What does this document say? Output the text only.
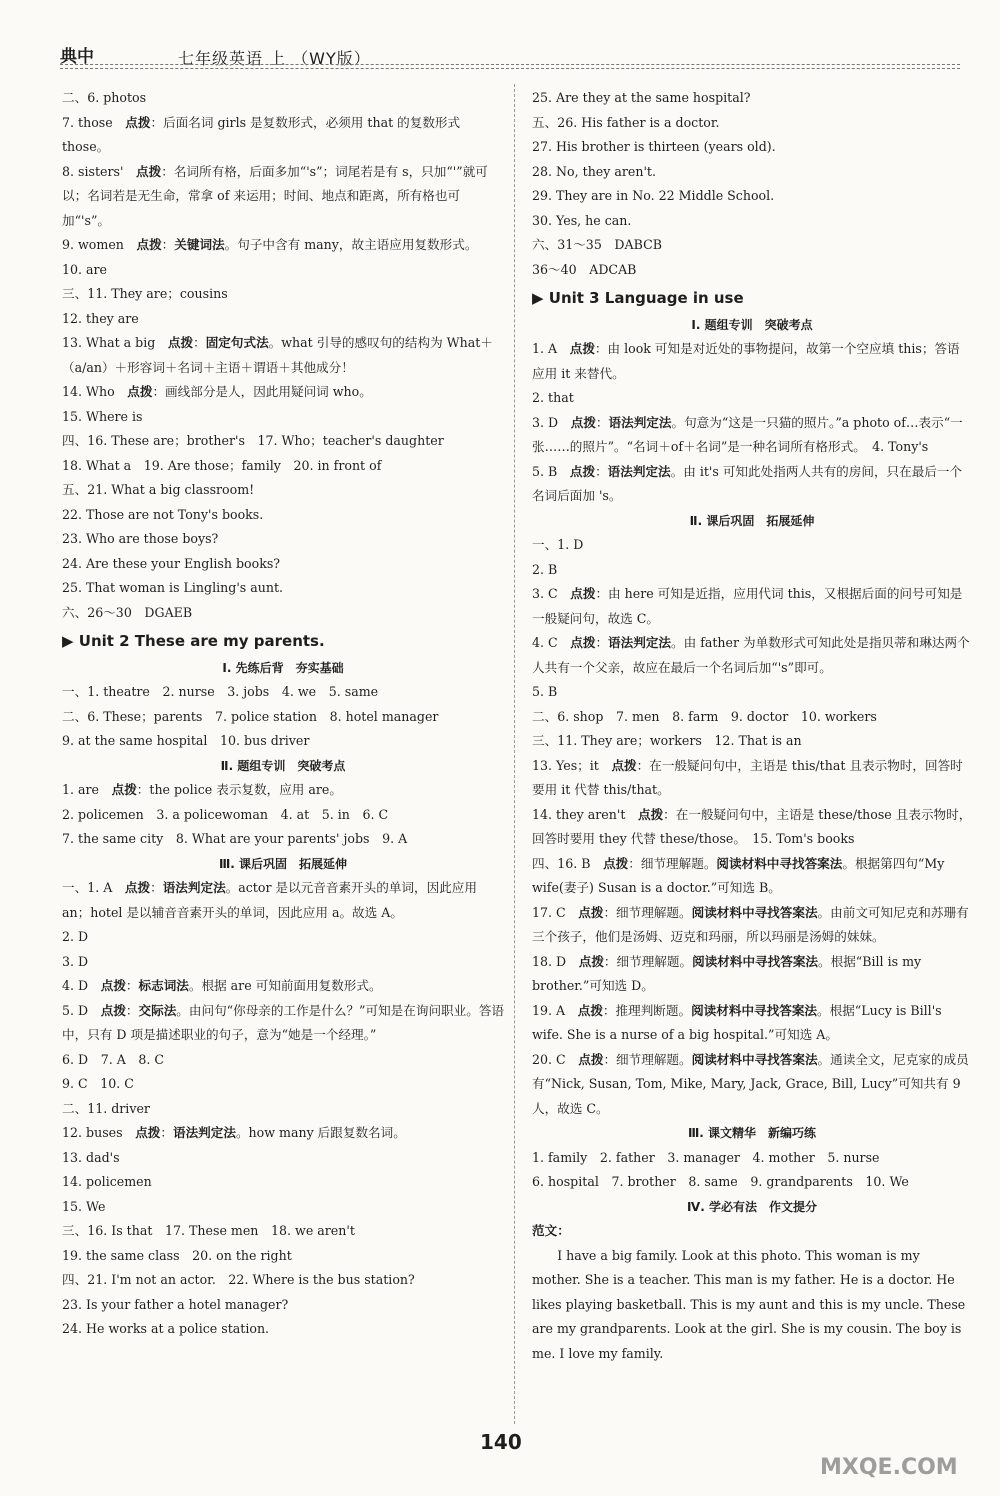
典中	七年级英语 上 （WY版）
二、6. photos
7. those　点拨：后面名词 girls 是复数形式，必须用 that 的复数形式 those。
8. sisters'　点拨：名词所有格，后面多加“'s”；词尾若是有 s，只加“'”就可以；名词若是无生命，常拿 of 来运用；时间、地点和距离，所有格也可加“'s”。
9. women　点拨：关键词法。句子中含有 many，故主语应用复数形式。
10. are
三、11. They are；cousins
12. they are
13. What a big　点拨：固定句式法。what 引导的感叹句的结构为 What＋（a/an）＋形容词＋名词＋主语＋谓语＋其他成分！
14. Who　点拨：画线部分是人，因此用疑问词 who。
15. Where is
四、16. These are；brother's　17. Who；teacher's daughter
18. What a　19. Are those；family　20. in front of
五、21. What a big classroom!
22. Those are not Tony's books.
23. Who are those boys?
24. Are these your English books?
25. That woman is Lingling's aunt.
六、26～30　DGAEB
▶ Unit 2 These are my parents.
Ⅰ. 先练后背　夯实基础
一、1. theatre　2. nurse　3. jobs　4. we　5. same
二、6. These；parents　7. police station　8. hotel manager
9. at the same hospital　10. bus driver
Ⅱ. 题组专训　突破考点
1. are　点拨：the police 表示复数，应用 are。
2. policemen　3. a policewoman　4. at　5. in　6. C
7. the same city　8. What are your parents' jobs　9. A
Ⅲ. 课后巩固　拓展延伸
一、1. A　点拨：语法判定法。actor 是以元音音素开头的单词，因此应用 an；hotel 是以辅音音素开头的单词，因此应用 a。故选 A。
2. D
3. D
4. D　点拨：标志词法。根据 are 可知前面用复数形式。
5. D　点拨：交际法。由问句“你母亲的工作是什么？”可知是在询问职业。答语中，只有 D 项是描述职业的句子，意为“她是一个经理。”
6. D　7. A　8. C
9. C　10. C
二、11. driver
12. buses　点拨：语法判定法。how many 后跟复数名词。
13. dad's
14. policemen
15. We
三、16. Is that　17. These men　18. we aren't
19. the same class　20. on the right
四、21. I'm not an actor.　22. Where is the bus station?
23. Is your father a hotel manager?
24. He works at a police station.
25. Are they at the same hospital?
五、26. His father is a doctor.
27. His brother is thirteen (years old).
28. No, they aren't.
29. They are in No. 22 Middle School.
30. Yes, he can.
六、31～35　DABCB
36～40　ADCAB
▶ Unit 3 Language in use
Ⅰ. 题组专训　突破考点
1. A　点拨：由 look 可知是对近处的事物提问，故第一个空应填 this；答语应用 it 来替代。
2. that
3. D　点拨：语法判定法。句意为“这是一只猫的照片。”a photo of…表示“一张……的照片”。“名词＋of＋名词”是一种名词所有格形式。　4. Tony's
5. B　点拨：语法判定法。由 it's 可知此处指两人共有的房间，只在最后一个名词后面加 's。
Ⅱ. 课后巩固　拓展延伸
一、1. D
2. B
3. C　点拨：由 here 可知是近指，应用代词 this，又根据后面的问号可知是一般疑问句，故选 C。
4. C　点拨：语法判定法。由 father 为单数形式可知此处是指贝蒂和琳达两个人共有一个父亲，故应在最后一个名词后加“'s”即可。
5. B
二、6. shop　7. men　8. farm　9. doctor　10. workers
三、11. They are；workers　12. That is an
13. Yes；it　点拨：在一般疑问句中，主语是 this/that 且表示物时，回答时要用 it 代替 this/that。
14. they aren't　点拨：在一般疑问句中，主语是 these/those 且表示物时，回答时要用 they 代替 these/those。　15. Tom's books
四、16. B　点拨：细节理解题。阅读材料中寻找答案法。根据第四句“My wife(妻子) Susan is a doctor.”可知选 B。
17. C　点拨：细节理解题。阅读材料中寻找答案法。由前文可知尼克和苏珊有三个孩子，他们是汤姆、迈克和玛丽，所以玛丽是汤姆的妹妹。
18. D　点拨：细节理解题。阅读材料中寻找答案法。根据“Bill is my brother.”可知选 D。
19. A　点拨：推理判断题。阅读材料中寻找答案法。根据“Lucy is Bill's wife. She is a nurse of a big hospital.”可知选 A。
20. C　点拨：细节理解题。阅读材料中寻找答案法。通读全文，尼克家的成员有“Nick, Susan, Tom, Mike, Mary, Jack, Grace, Bill, Lucy”可知共有 9 人，故选 C。
Ⅲ. 课文精华　新编巧练
1. family　2. father　3. manager　4. mother　5. nurse
6. hospital　7. brother　8. same　9. grandparents　10. We
Ⅳ. 学必有法　作文提分
范文：
　　I have a big family. Look at this photo. This woman is my mother. She is a teacher. This man is my father. He is a doctor. He likes playing basketball. This is my aunt and this is my uncle. These are my grandparents. Look at the girl. She is my cousin. The boy is me. I love my family.
140
MXQE.COM
